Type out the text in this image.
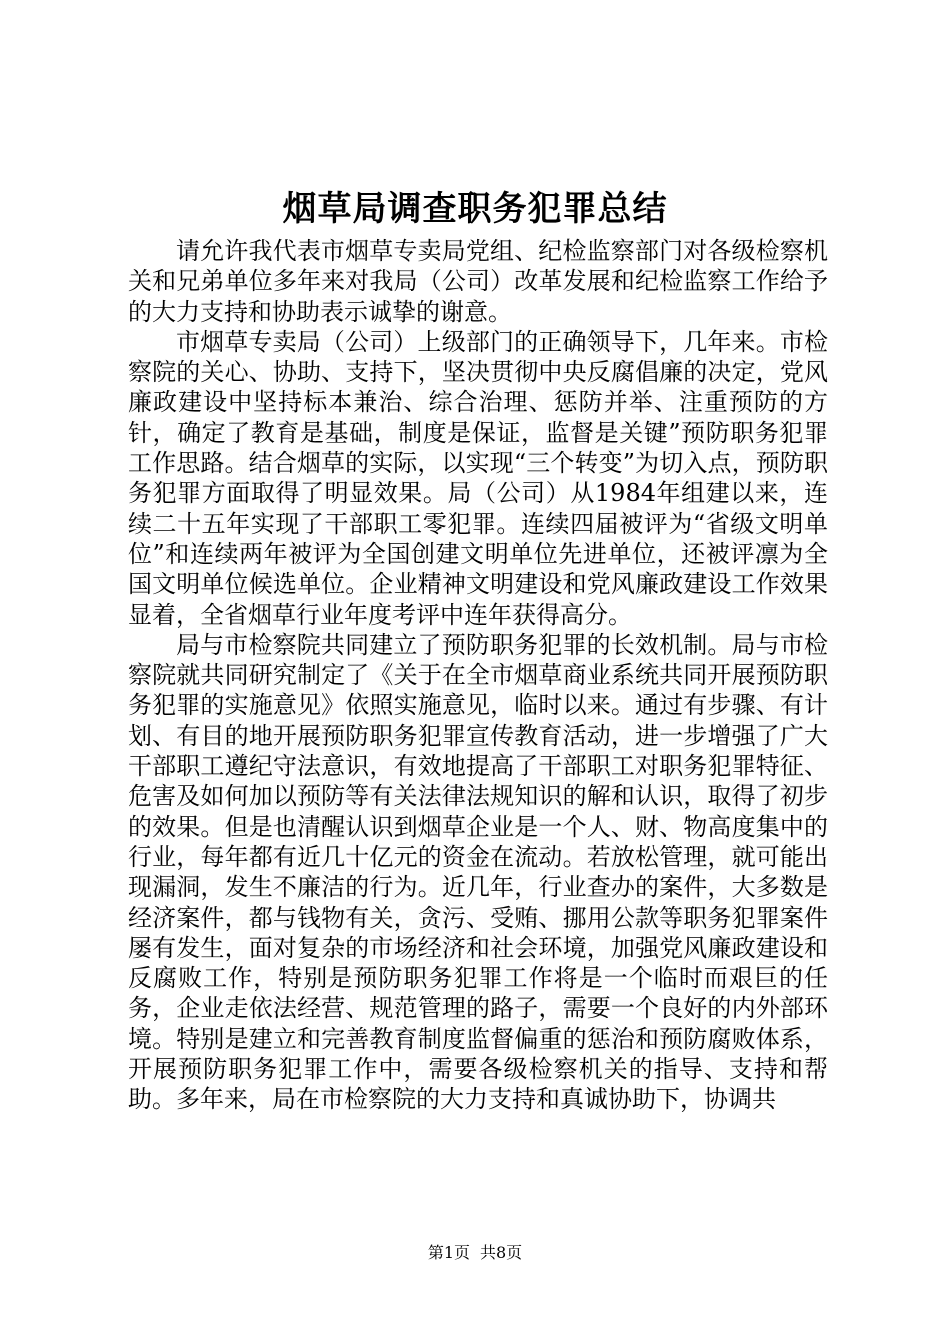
烟草局调查职务犯罪总结

请允许我代表市烟草专卖局党组、纪检监察部门对各级检察机关和兄弟单位多年来对我局（公司）改革发展和纪检监察工作给予的大力支持和协助表示诚挚的谢意。

市烟草专卖局（公司）上级部门的正确领导下，几年来。市检察院的关心、协助、支持下，坚决贯彻中央反腐倡廉的决定，党风廉政建设中坚持标本兼治、综合治理、惩防并举、注重预防的方针，确定了教育是基础，制度是保证，监督是关键”预防职务犯罪工作思路。结合烟草的实际，以实现“三个转变”为切入点，预防职务犯罪方面取得了明显效果。局（公司）从1984年组建以来，连续二十五年实现了干部职工零犯罪。连续四届被评为“省级文明单位”和连续两年被评为全国创建文明单位先进单位，还被评凛为全国文明单位候选单位。企业精神文明建设和党风廉政建设工作效果显着，全省烟草行业年度考评中连年获得高分。

局与市检察院共同建立了预防职务犯罪的长效机制。局与市检察院就共同研究制定了《关于在全市烟草商业系统共同开展预防职务犯罪的实施意见》依照实施意见，临时以来。通过有步骤、有计划、有目的地开展预防职务犯罪宣传教育活动，进一步增强了广大干部职工遵纪守法意识，有效地提高了干部职工对职务犯罪特征、危害及如何加以预防等有关法律法规知识的解和认识，取得了初步的效果。但是也清醒认识到烟草企业是一个人、财、物高度集中的行业，每年都有近几十亿元的资金在流动。若放松管理，就可能出现漏洞，发生不廉洁的行为。近几年，行业查办的案件，大多数是经济案件，都与钱物有关，贪污、受贿、挪用公款等职务犯罪案件屡有发生，面对复杂的市场经济和社会环境，加强党风廉政建设和反腐败工作，特别是预防职务犯罪工作将是一个临时而艰巨的任务，企业走依法经营、规范管理的路子，需要一个良好的内外部环境。特别是建立和完善教育制度监督偏重的惩治和预防腐败体系，开展预防职务犯罪工作中，需要各级检察机关的指导、支持和帮助。多年来，局在市检察院的大力支持和真诚协助下，协调共

第1页 共8页
